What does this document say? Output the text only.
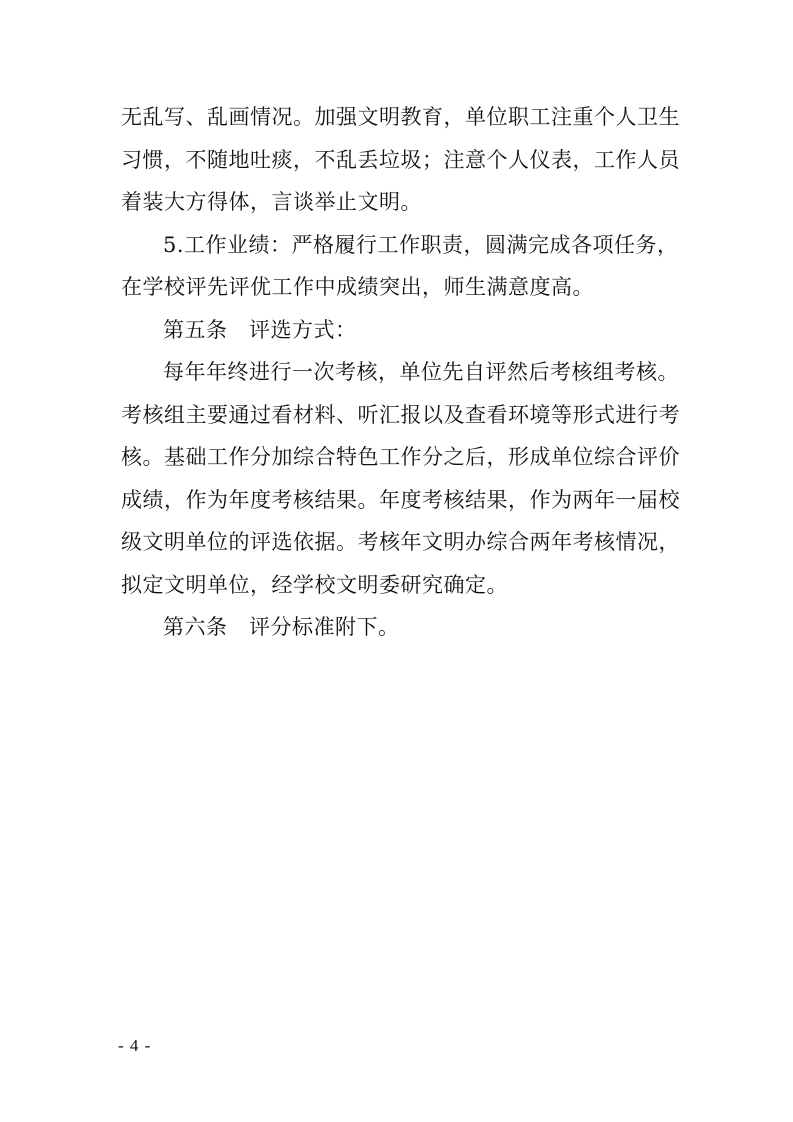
无乱写、乱画情况。加强文明教育，单位职工注重个人卫生

习惯，不随地吐痰，不乱丢垃圾；注意个人仪表，工作人员

着装大方得体，言谈举止文明。

5.工作业绩：严格履行工作职责，圆满完成各项任务，

在学校评先评优工作中成绩突出，师生满意度高。

第五条　评选方式：

每年年终进行一次考核，单位先自评然后考核组考核。

考核组主要通过看材料、听汇报以及查看环境等形式进行考

核。基础工作分加综合特色工作分之后，形成单位综合评价

成绩，作为年度考核结果。年度考核结果，作为两年一届校

级文明单位的评选依据。考核年文明办综合两年考核情况，

拟定文明单位，经学校文明委研究确定。

第六条　评分标准附下。

- 4 -
